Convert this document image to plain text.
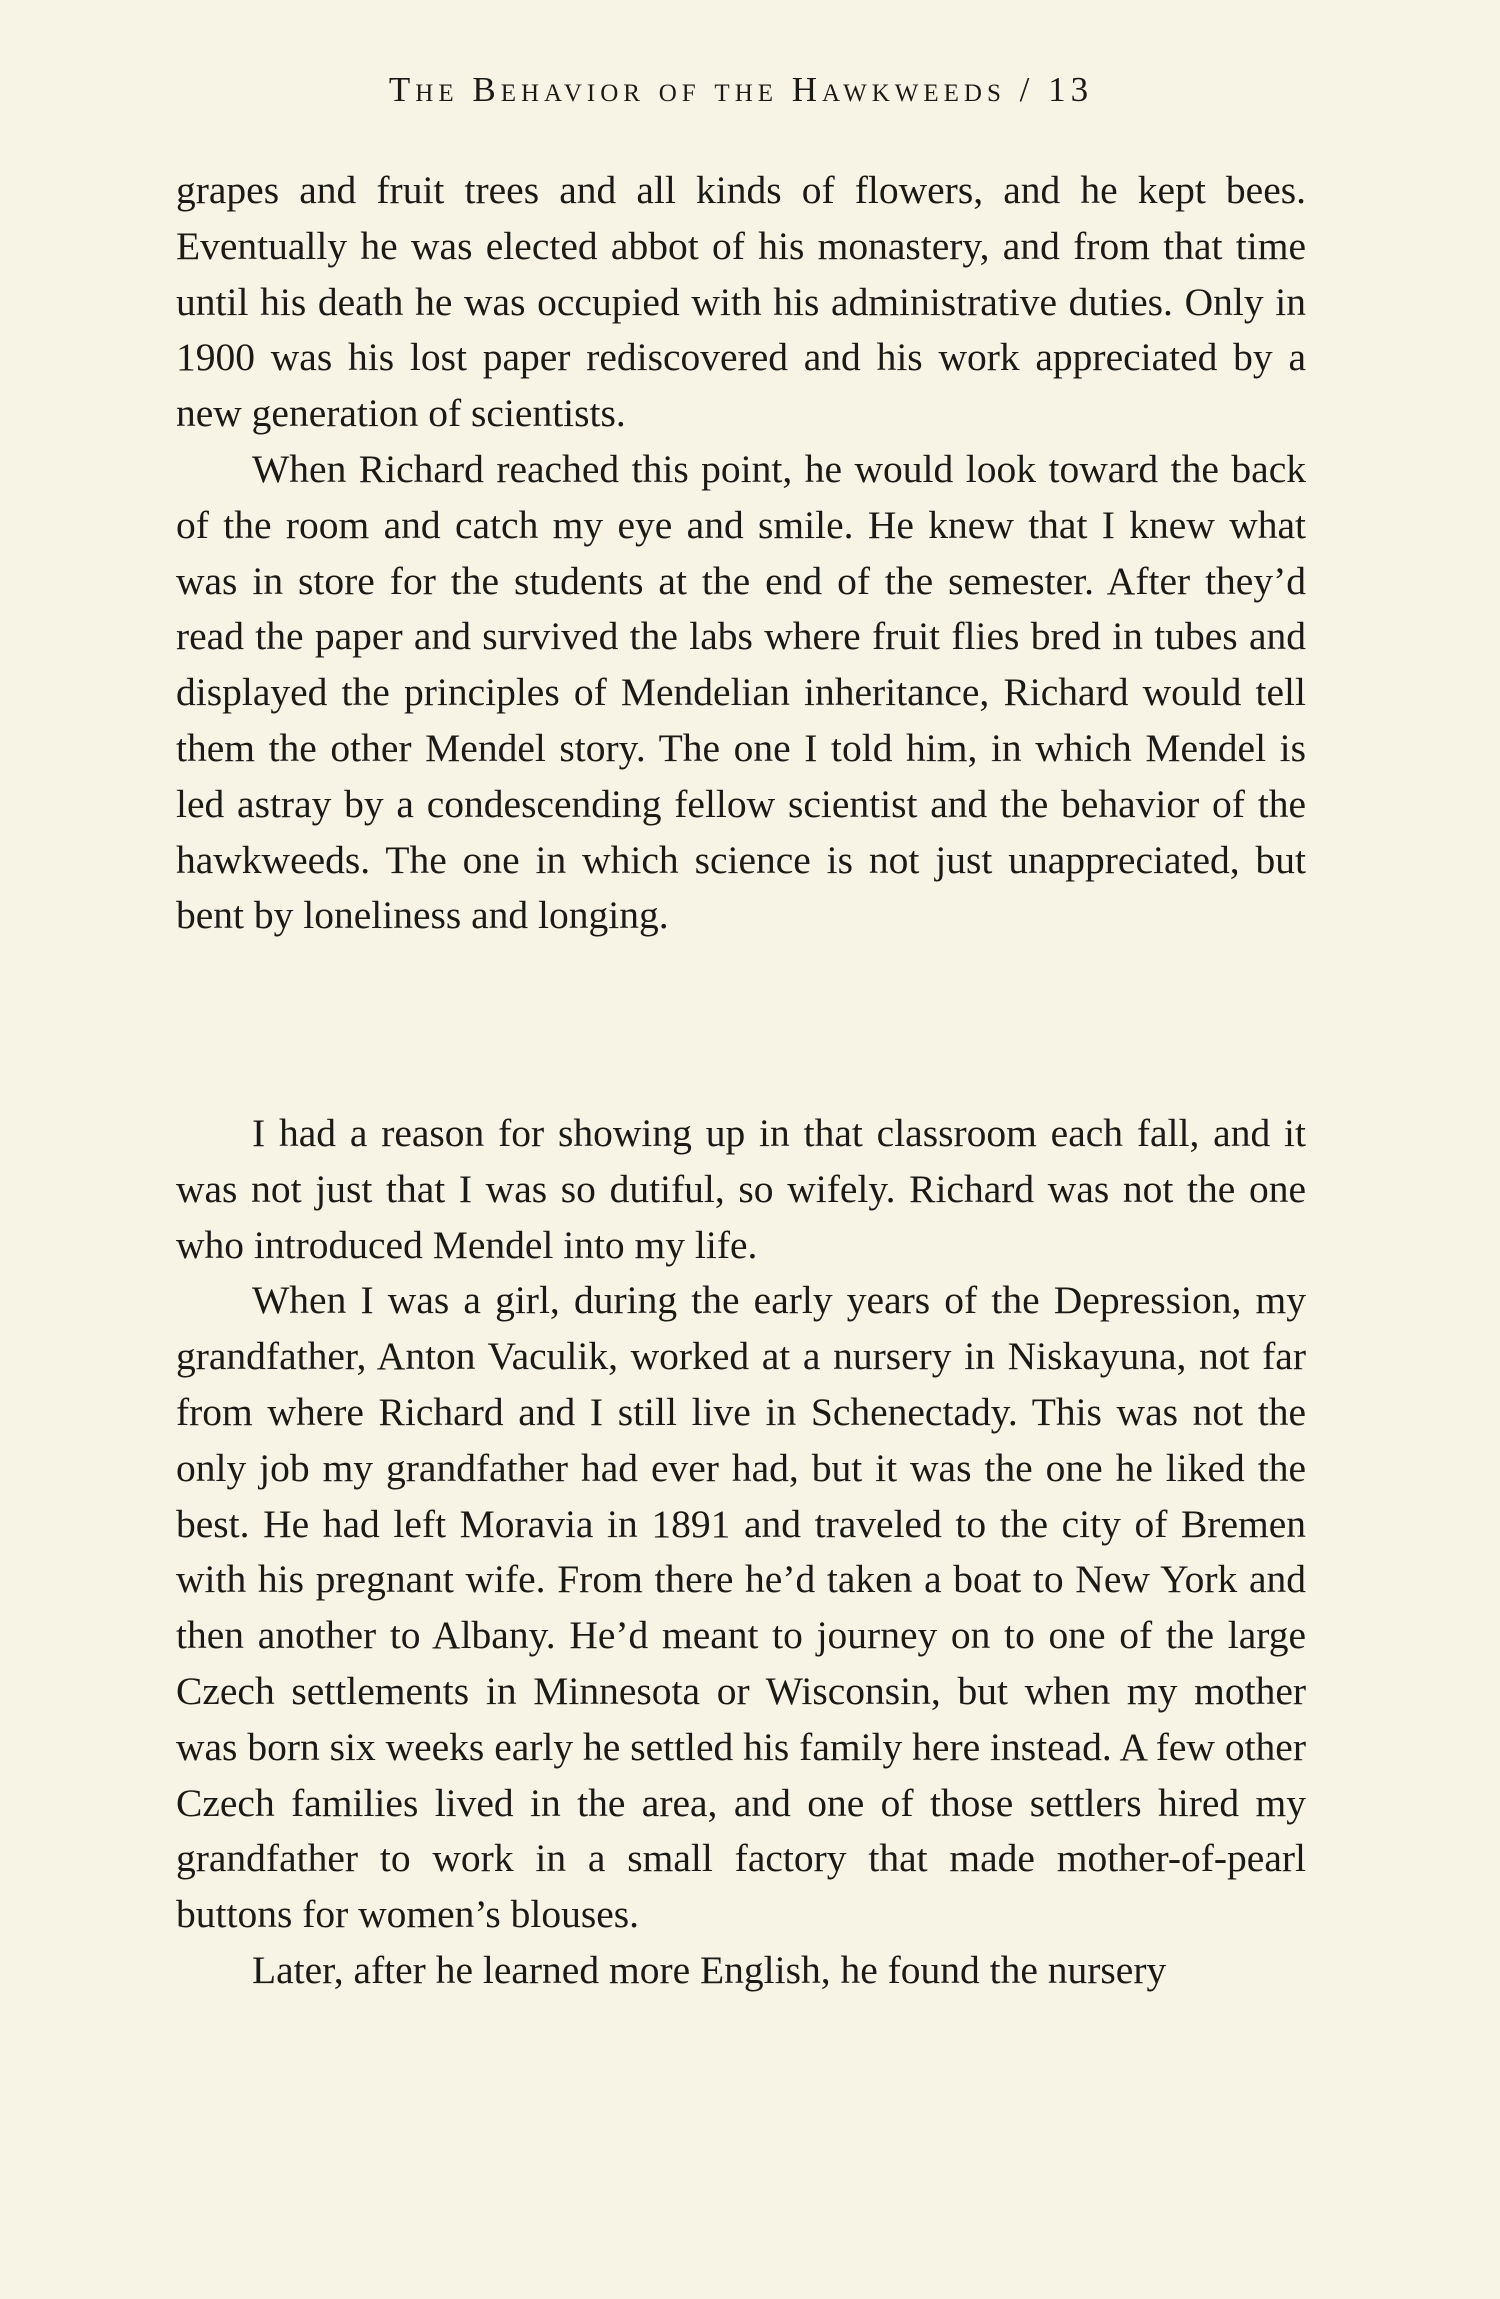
The Behavior of the Hawkweeds / 13

grapes and fruit trees and all kinds of flowers, and he kept bees. Eventually he was elected abbot of his monastery, and from that time until his death he was occupied with his administrative duties. Only in 1900 was his lost paper rediscovered and his work appreciated by a new generation of scientists.

When Richard reached this point, he would look toward the back of the room and catch my eye and smile. He knew that I knew what was in store for the students at the end of the semester. After they’d read the paper and survived the labs where fruit flies bred in tubes and displayed the principles of Mendelian inheritance, Richard would tell them the other Mendel story. The one I told him, in which Mendel is led astray by a condescending fellow scientist and the behavior of the hawkweeds. The one in which science is not just unappreciated, but bent by loneliness and longing.

I had a reason for showing up in that classroom each fall, and it was not just that I was so dutiful, so wifely. Richard was not the one who introduced Mendel into my life.

When I was a girl, during the early years of the Depression, my grandfather, Anton Vaculik, worked at a nursery in Niskayuna, not far from where Richard and I still live in Schenectady. This was not the only job my grandfather had ever had, but it was the one he liked the best. He had left Moravia in 1891 and traveled to the city of Bremen with his pregnant wife. From there he’d taken a boat to New York and then another to Albany. He’d meant to journey on to one of the large Czech settlements in Minnesota or Wisconsin, but when my mother was born six weeks early he settled his family here instead. A few other Czech families lived in the area, and one of those settlers hired my grandfather to work in a small factory that made mother-of-pearl buttons for women’s blouses.

Later, after he learned more English, he found the nursery
